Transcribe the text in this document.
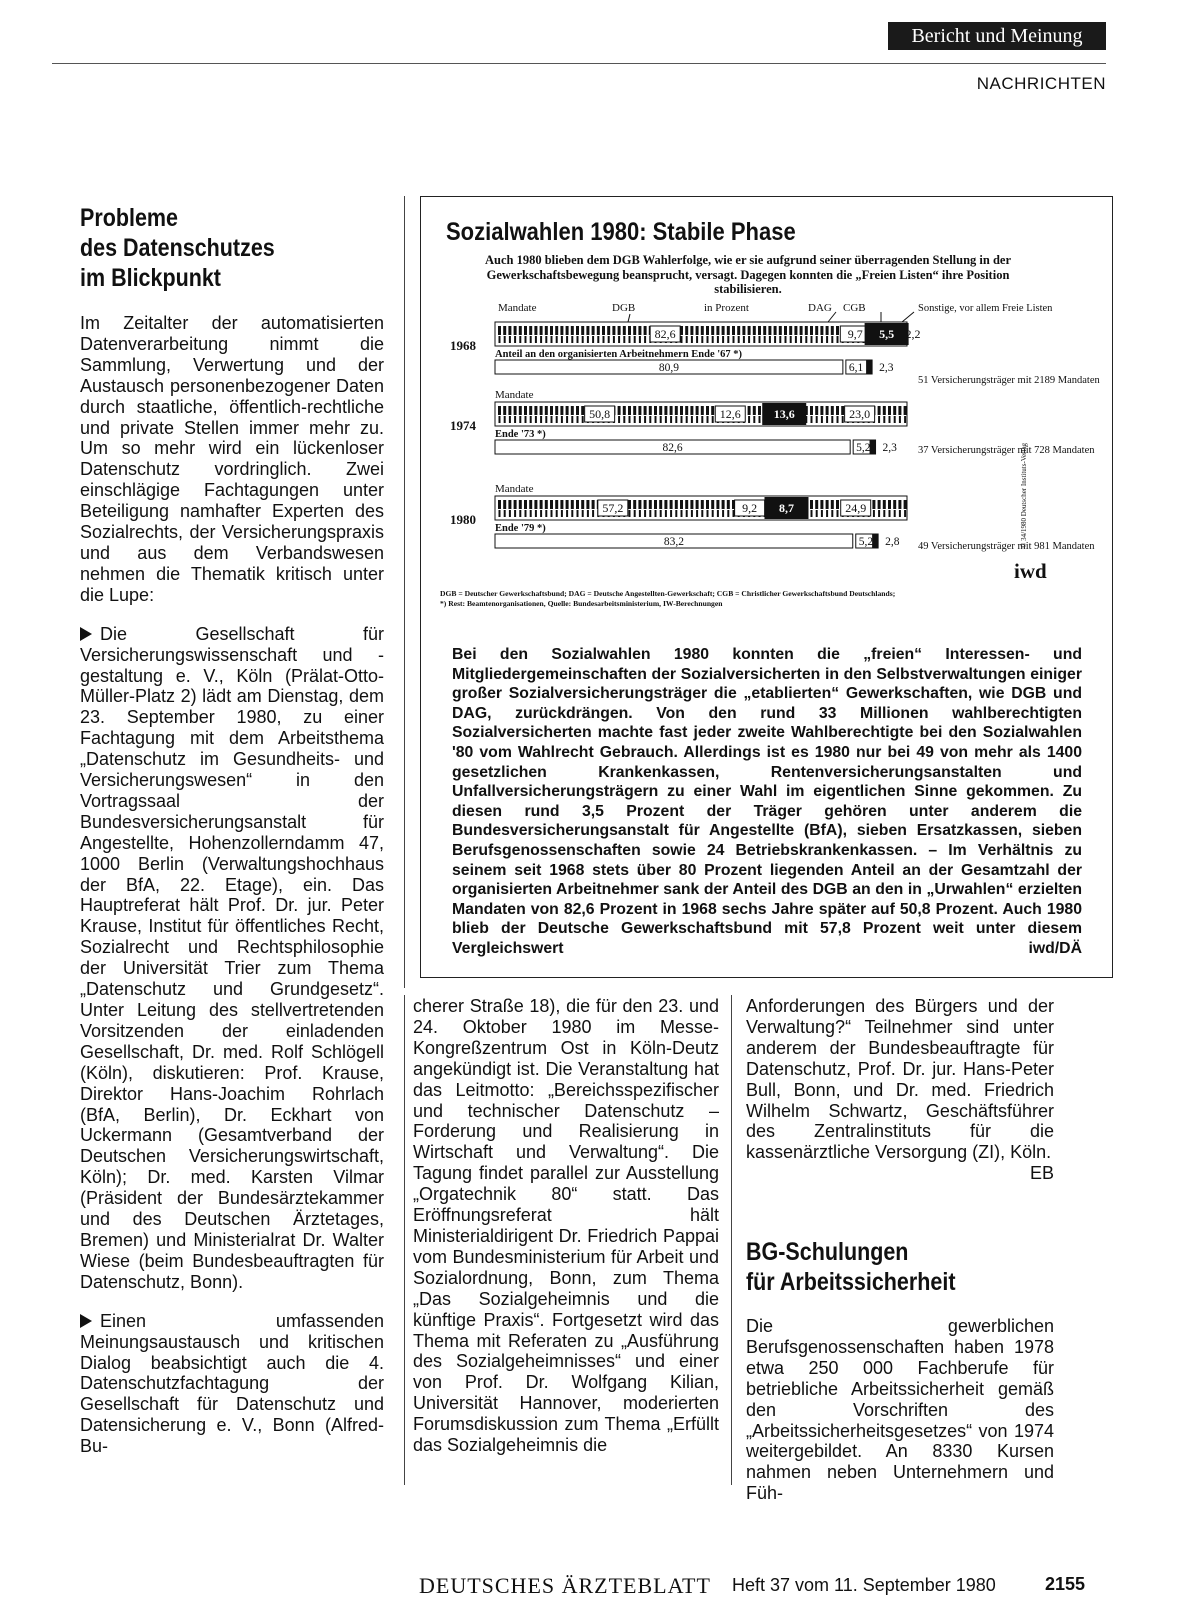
Bericht und Meinung
NACHRICHTEN
Probleme
des Datenschutzes
im Blickpunkt

Im Zeitalter der automatisierten Datenverarbeitung nimmt die Sammlung, Verwertung und der Austausch personenbezogener Daten durch staatliche, öffentlich-rechtliche und private Stellen immer mehr zu. Um so mehr wird ein lückenloser Datenschutz vordringlich. Zwei einschlägige Fachtagungen unter Beteiligung namhafter Experten des Sozialrechts, der Versicherungspraxis und aus dem Verbandswesen nehmen die Thematik kritisch unter die Lupe:

Die Gesellschaft für Versicherungswissenschaft und -gestaltung e. V., Köln (Prälat-Otto-Müller-Platz 2) lädt am Dienstag, dem 23. September 1980, zu einer Fachtagung mit dem Arbeitsthema „Datenschutz im Gesundheits- und Versicherungswesen“ in den Vortragssaal der Bundesversicherungsanstalt für Angestellte, Hohenzollerndamm 47, 1000 Berlin (Verwaltungshochhaus der BfA, 22. Etage), ein. Das Hauptreferat hält Prof. Dr. jur. Peter Krause, Institut für öffentliches Recht, Sozialrecht und Rechtsphilosophie der Universität Trier zum Thema „Datenschutz und Grundgesetz“. Unter Leitung des stellvertretenden Vorsitzenden der einladenden Gesellschaft, Dr. med. Rolf Schlögell (Köln), diskutieren: Prof. Krause, Direktor Hans-Joachim Rohrlach (BfA, Berlin), Dr. Eckhart von Uckermann (Gesamtverband der Deutschen Versicherungswirtschaft, Köln); Dr. med. Karsten Vilmar (Präsident der Bundesärztekammer und des Deutschen Ärztetages, Bremen) und Ministerialrat Dr. Walter Wiese (beim Bundesbeauftragten für Datenschutz, Bonn).

Einen umfassenden Meinungsaustausch und kritischen Dialog beabsichtigt auch die 4. Datenschutzfachtagung der Gesellschaft für Datenschutz und Datensicherung e. V., Bonn (Alfred-Bu-

Sozialwahlen 1980: Stabile Phase
Auch 1980 blieben dem DGB Wahlerfolge, wie er sie aufgrund seiner überragenden Stellung in der Gewerkschaftsbewegung beansprucht, versagt. Dagegen konnten die „Freien Listen“ ihre Position stabilisieren.
Mandate	DGB	in Prozent	DAG CGB	Sonstige, vor allem Freie Listen
1968
82,6	9,7 5,5 2,2
Anteil an den organisierten Arbeitnehmern Ende '67 *)
80,9	6,1 2,3
Mandate
1974
50,8	12,6	13,6	23,0
Ende '73 *)
82,6	5,2 2,3
Mandate
1980
57,2	9,2 8,7	24,9
Ende '79 *)
83,2	5,2 2,8
51 Versicherungsträger mit 2189 Mandaten
37 Versicherungsträger mit 728 Mandaten
49 Versicherungsträger mit 981 Mandaten
iwd
© 34/1980 Deutscher Instituts-Verlag
DGB = Deutscher Gewerkschaftsbund; DAG = Deutsche Angestellten-Gewerkschaft; CGB = Christlicher Gewerkschaftsbund Deutschlands;
*) Rest: Beamtenorganisationen, Quelle: Bundesarbeitsministerium, IW-Berechnungen
Bei den Sozialwahlen 1980 konnten die „freien“ Interessen- und Mitgliedergemeinschaften der Sozialversicherten in den Selbstverwaltungen einiger großer Sozialversicherungsträger die „etablierten“ Gewerkschaften, wie DGB und DAG, zurückdrängen. Von den rund 33 Millionen wahlberechtigten Sozialversicherten machte fast jeder zweite Wahlberechtigte bei den Sozialwahlen '80 vom Wahlrecht Gebrauch. Allerdings ist es 1980 nur bei 49 von mehr als 1400 gesetzlichen Krankenkassen, Rentenversicherungsanstalten und Unfallversicherungsträgern zu einer Wahl im eigentlichen Sinne gekommen. Zu diesen rund 3,5 Prozent der Träger gehören unter anderem die Bundesversicherungsanstalt für Angestellte (BfA), sieben Ersatzkassen, sieben Berufsgenossenschaften sowie 24 Betriebskrankenkassen. – Im Verhältnis zu seinem seit 1968 stets über 80 Prozent liegenden Anteil an der Gesamtzahl der organisierten Arbeitnehmer sank der Anteil des DGB an den in „Urwahlen“ erzielten Mandaten von 82,6 Prozent in 1968 sechs Jahre später auf 50,8 Prozent. Auch 1980 blieb der Deutsche Gewerkschaftsbund mit 57,8 Prozent weit unter diesem Vergleichswert	iwd/DÄ

cherer Straße 18), die für den 23. und 24. Oktober 1980 im Messe-Kongreßzentrum Ost in Köln-Deutz angekündigt ist. Die Veranstaltung hat das Leitmotto: „Bereichsspezifischer und technischer Datenschutz – Forderung und Realisierung in Wirtschaft und Verwaltung“. Die Tagung findet parallel zur Ausstellung „Orgatechnik 80“ statt. Das Eröffnungsreferat hält Ministerialdirigent Dr. Friedrich Pappai vom Bundesministerium für Arbeit und Sozialordnung, Bonn, zum Thema „Das Sozialgeheimnis und die künftige Praxis“. Fortgesetzt wird das Thema mit Referaten zu „Ausführung des Sozialgeheimnisses“ und einer von Prof. Dr. Wolfgang Kilian, Universität Hannover, moderierten Forumsdiskussion zum Thema „Erfüllt das Sozialgeheimnis die

Anforderungen des Bürgers und der Verwaltung?“ Teilnehmer sind unter anderem der Bundesbeauftragte für Datenschutz, Prof. Dr. jur. Hans-Peter Bull, Bonn, und Dr. med. Friedrich Wilhelm Schwartz, Geschäftsführer des Zentralinstituts für die kassenärztliche Versorgung (ZI), Köln.
EB

BG-Schulungen
für Arbeitssicherheit

Die gewerblichen Berufsgenossenschaften haben 1978 etwa 250 000 Fachberufe für betriebliche Arbeitssicherheit gemäß den Vorschriften des „Arbeitssicherheitsgesetzes“ von 1974 weitergebildet. An 8330 Kursen nahmen neben Unternehmern und Füh-

DEUTSCHES ÄRZTEBLATT Heft 37 vom 11. September 1980	2155
